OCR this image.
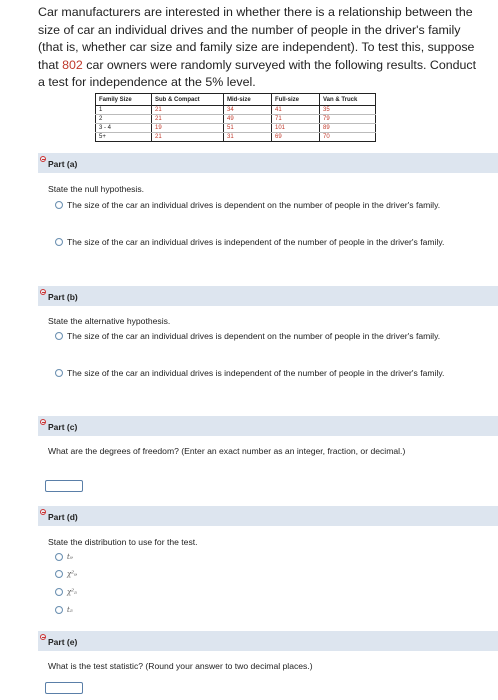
Car manufacturers are interested in whether there is a relationship between the size of car an individual drives and the number of people in the driver's family (that is, whether car size and family size are independent). To test this, suppose that 802 car owners were randomly surveyed with the following results. Conduct a test for independence at the 5% level.
Family Size	Sub & Compact	Mid-size	Full-size	Van & Truck
1	21	34	41	35
2	21	49	71	79
3 - 4	19	51	101	89
5+	21	31	69	70
Part (a)
State the null hypothesis.
The size of the car an individual drives is dependent on the number of people in the driver's family.
The size of the car an individual drives is independent of the number of people in the driver's family.
Part (b)
State the alternative hypothesis.
The size of the car an individual drives is dependent on the number of people in the driver's family.
The size of the car an individual drives is independent of the number of people in the driver's family.
Part (c)
What are the degrees of freedom? (Enter an exact number as an integer, fraction, or decimal.)
Part (d)
State the distribution to use for the test.
t₉
χ²₉
χ²₅
t₅
Part (e)
What is the test statistic? (Round your answer to two decimal places.)
